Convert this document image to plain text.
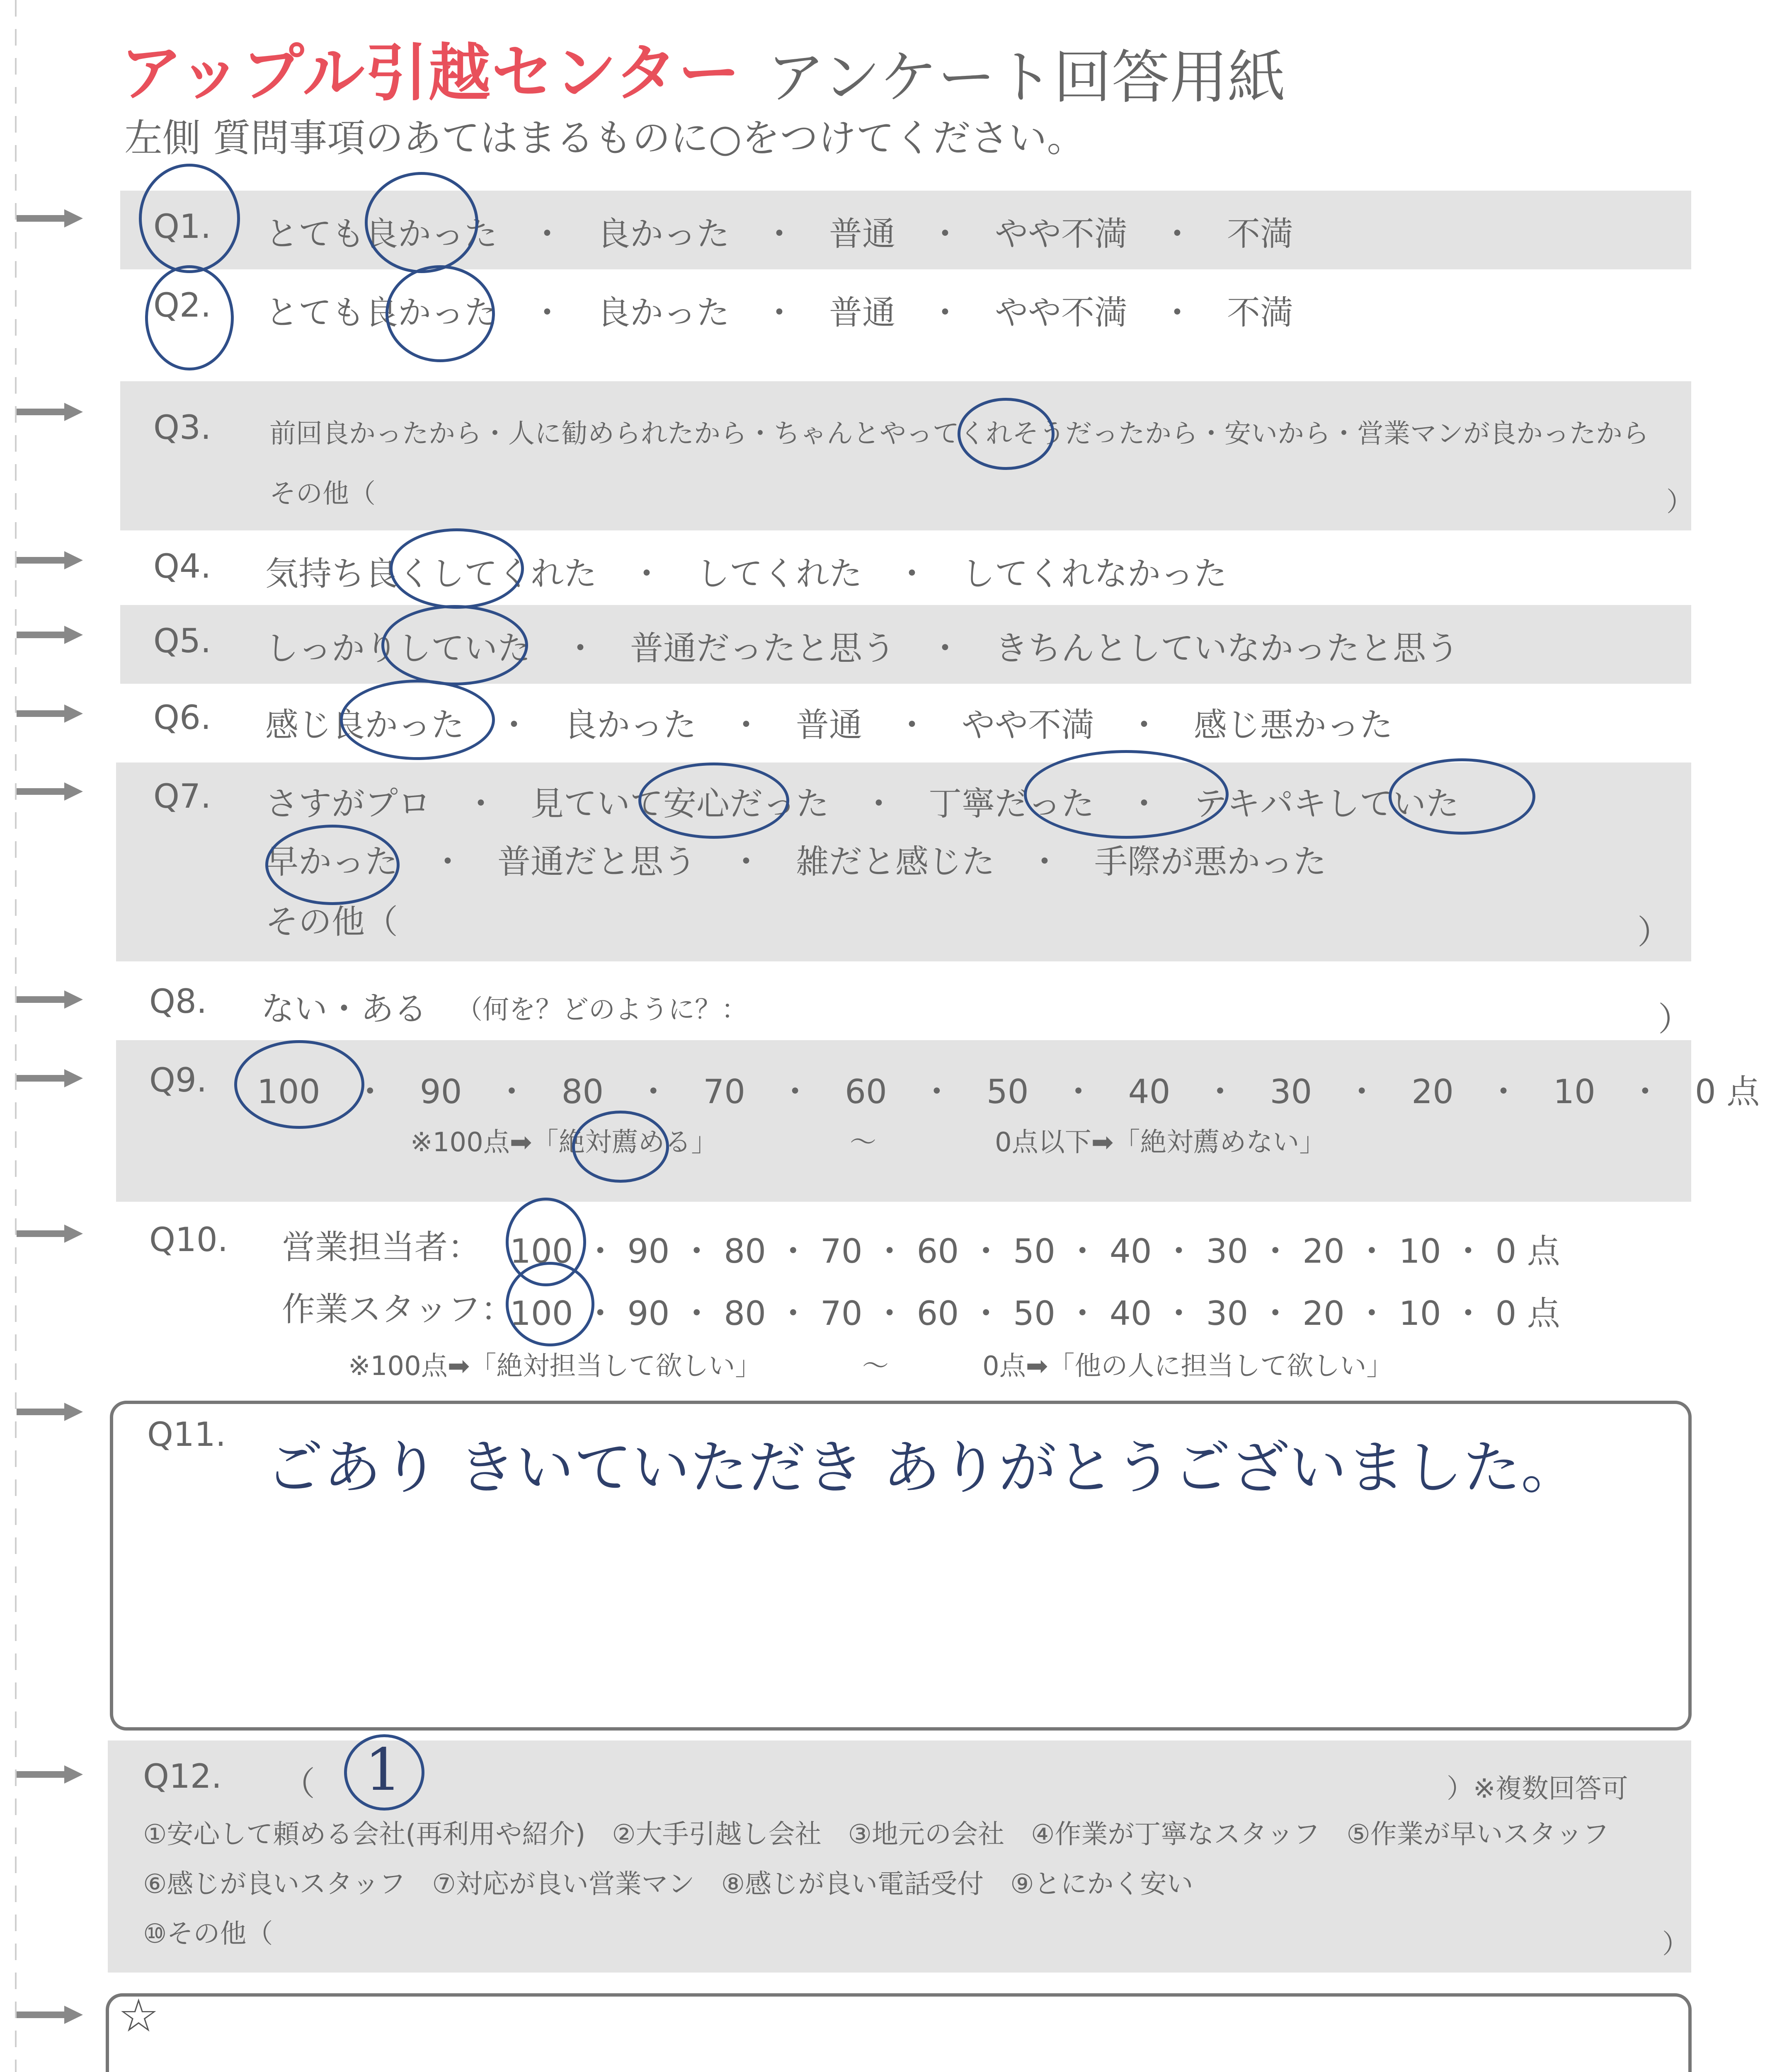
アップル引越センター アンケート回答用紙
左側 質問事項のあてはまるものに○をつけてください。
Q1. とても良かった　・　良かった　・　普通　・　やや不満　・　不満
Q2. とても良かった　・　良かった　・　普通　・　やや不満　・　不満
Q3. 前回良かったから・人に勧められたから・ちゃんとやってくれそうだったから・安いから・営業マンが良かったから
その他（	）
Q4. 気持ち良くしてくれた　・　してくれた　・　してくれなかった
Q5. しっかりしていた　・　普通だったと思う　・　きちんとしていなかったと思う
Q6. 感じ良かった　・　良かった　・　普通　・　やや不満　・　感じ悪かった
Q7. さすがプロ　・　見ていて安心だった　・　丁寧だった　・　テキパキしていた
早かった　・　普通だと思う　・　雑だと感じた　・　手際が悪かった
その他（	）
Q8. ない・ある （何を？どのように？：	）
Q9. 100　・　90　・　80　・　70　・　60　・　50　・　40　・　30　・　20　・　10　・　0 点
※100点➡「絶対薦める」	〜	0点以下➡「絶対薦めない」
Q10. 営業担当者： 100 ・ 90 ・ 80 ・ 70 ・ 60 ・ 50 ・ 40 ・ 30 ・ 20 ・ 10 ・ 0 点
作業スタッフ：
100 ・ 90 ・ 80 ・ 70 ・ 60 ・ 50 ・ 40 ・ 30 ・ 20 ・ 10 ・ 0 点
※100点➡「絶対担当して欲しい」	〜	0点➡「他の人に担当して欲しい」
Q11. ごあり きいていただき ありがとうございました。
Q12. （ 1	）※複数回答可
①安心して頼める会社(再利用や紹介)　②大手引越し会社　③地元の会社　④作業が丁寧なスタッフ　⑤作業が早いスタッフ
⑥感じが良いスタッフ　⑦対応が良い営業マン　⑧感じが良い電話受付　⑨とにかく安い
⑩その他（	）
☆
